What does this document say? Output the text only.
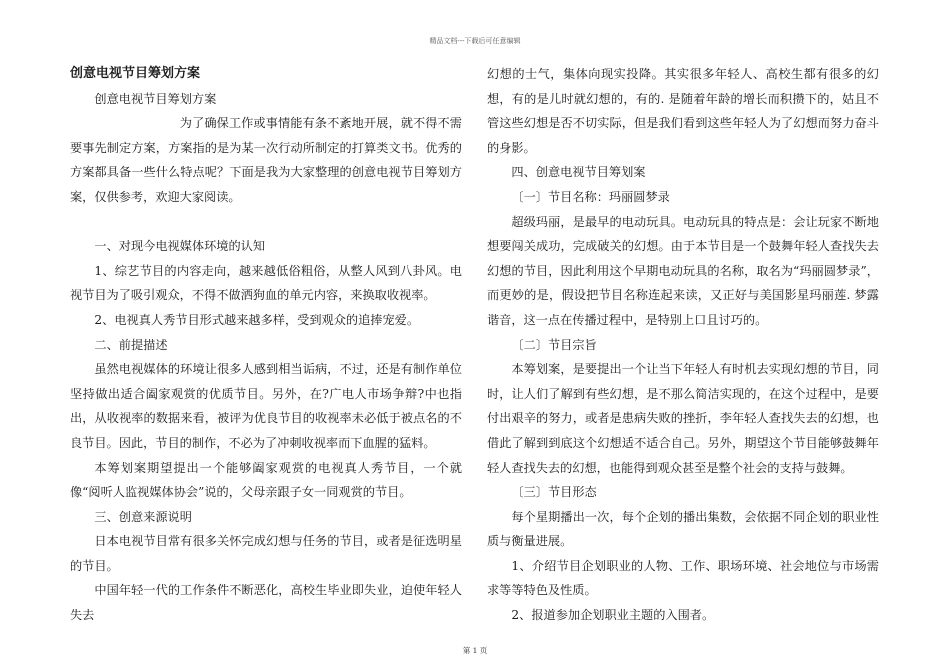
精品文档---下载后可任意编辑

创意电视节目筹划方案

创意电视节目筹划方案

为了确保工作或事情能有条不紊地开展，就不得不需要事先制定方案，方案指的是为某一次行动所制定的打算类文书。优秀的方案都具备一些什么特点呢？下面是我为大家整理的创意电视节目筹划方案，仅供参考，欢迎大家阅读。

一、对现今电视媒体环境的认知

1、综艺节目的内容走向，越来越低俗粗俗，从整人风到八卦风。电视节目为了吸引观众，不得不做洒狗血的单元内容，来换取收视率。

2、电视真人秀节目形式越来越多样，受到观众的追捧宠爱。

二、前提描述

虽然电视媒体的环境让很多人感到相当诟病，不过，还是有制作单位坚持做出适合阖家观赏的优质节目。另外，在?广电人市场争辩?中也指出，从收视率的数据来看，被评为优良节目的收视率未必低于被点名的不良节目。因此，节目的制作，不必为了冲刺收视率而下血腥的猛料。

本筹划案期望提出一个能够阖家观赏的电视真人秀节目，一个就像“阅听人监视媒体协会”说的，父母亲跟子女一同观赏的节目。

三、创意来源说明

日本电视节目常有很多关怀完成幻想与任务的节目，或者是征选明星的节目。

中国年轻一代的工作条件不断恶化，高校生毕业即失业，迫使年轻人失去

幻想的士气，集体向现实投降。其实很多年轻人、高校生都有很多的幻想，有的是儿时就幻想的，有的. 是随着年龄的增长而积攒下的，姑且不管这些幻想是否不切实际，但是我们看到这些年轻人为了幻想而努力奋斗的身影。

四、创意电视节目筹划案

〔一〕节目名称：玛丽圆梦录

超级玛丽，是最早的电动玩具。电动玩具的特点是：会让玩家不断地想要闯关成功，完成破关的幻想。由于本节目是一个鼓舞年轻人查找失去幻想的节目，因此利用这个早期电动玩具的名称，取名为“玛丽圆梦录”，而更妙的是，假设把节目名称连起来读，又正好与美国影星玛丽莲. 梦露谐音，这一点在传播过程中，是特别上口且讨巧的。

〔二〕节目宗旨

本筹划案，是要提出一个让当下年轻人有时机去实现幻想的节目，同时，让人们了解到有些幻想，是不那么简洁实现的，在这个过程中，是要付出艰辛的努力，或者是患病失败的挫折，李年轻人查找失去的幻想，也借此了解到到底这个幻想适不适合自己。另外，期望这个节目能够鼓舞年轻人查找失去的幻想，也能得到观众甚至是整个社会的支持与鼓舞。

〔三〕节目形态

每个星期播出一次，每个企划的播出集数，会依据不同企划的职业性质与衡量进展。

1、介绍节目企划职业的人物、工作、职场环境、社会地位与市场需求等等特色及性质。

2、报道参加企划职业主题的入围者。

第 1 页
